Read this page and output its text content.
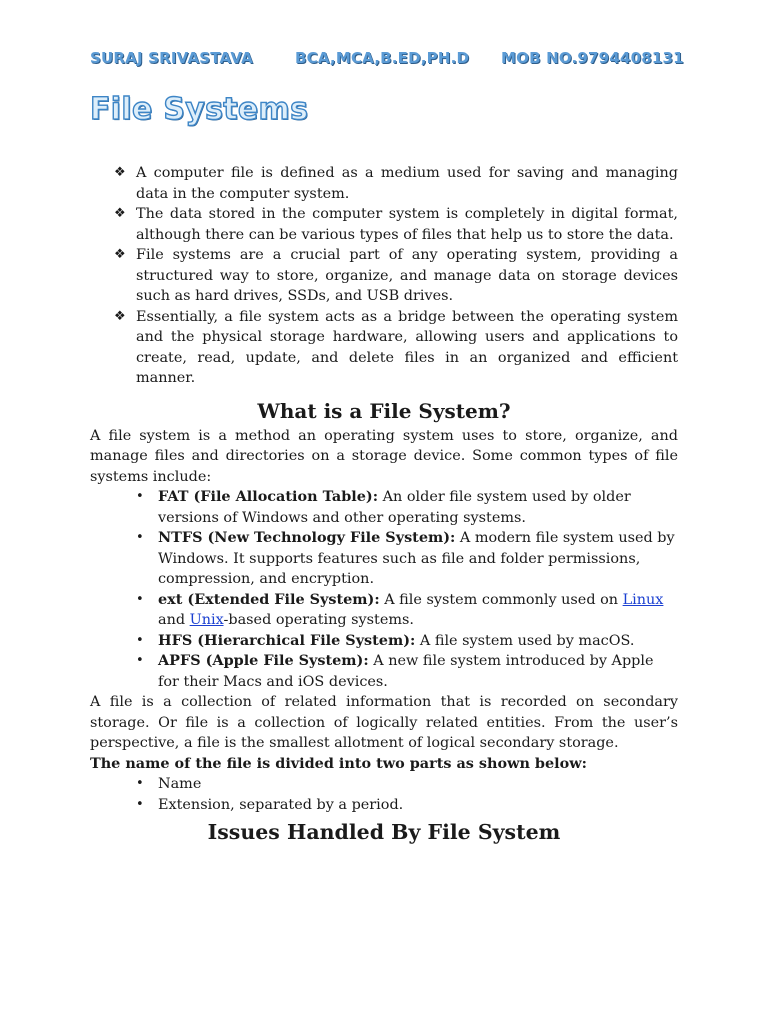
SURAJ SRIVASTAVA	BCA,MCA,B.ED,PH.D MOB NO.9794408131
File Systems
❖ A computer file is defined as a medium used for saving and managing data in the computer system.
❖ The data stored in the computer system is completely in digital format, although there can be various types of files that help us to store the data.
❖ File systems are a crucial part of any operating system, providing a structured way to store, organize, and manage data on storage devices such as hard drives, SSDs, and USB drives.
❖ Essentially, a file system acts as a bridge between the operating system and the physical storage hardware, allowing users and applications to create, read, update, and delete files in an organized and efficient manner.
What is a File System?

A file system is a method an operating system uses to store, organize, and manage files and directories on a storage device. Some common types of file systems include:

• FAT (File Allocation Table): An older file system used by older versions of Windows and other operating systems.
• NTFS (New Technology File System): A modern file system used by Windows. It supports features such as file and folder permissions, compression, and encryption.
• ext (Extended File System): A file system commonly used on Linux and Unix-based operating systems.
• HFS (Hierarchical File System): A file system used by macOS.
• APFS (Apple File System): A new file system introduced by Apple for their Macs and iOS devices.

A file is a collection of related information that is recorded on secondary storage. Or file is a collection of logically related entities. From the user’s perspective, a file is the smallest allotment of logical secondary storage.

The name of the file is divided into two parts as shown below:

• Name
• Extension, separated by a period.
Issues Handled By File System
